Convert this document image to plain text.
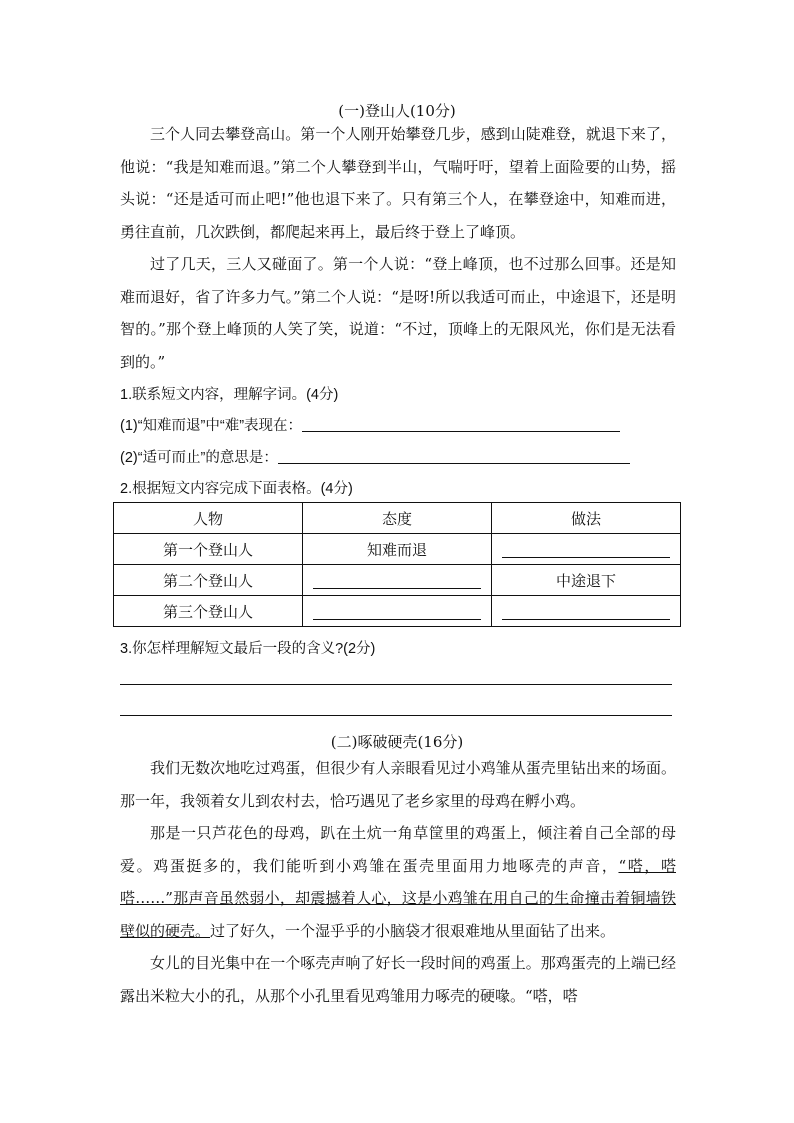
(一)登山人(10分)

三个人同去攀登高山。第一个人刚开始攀登几步，感到山陡难登，就退下来了，他说：“我是知难而退。”第二个人攀登到半山，气喘吁吁，望着上面险要的山势，摇头说：“还是适可而止吧!”他也退下来了。只有第三个人，在攀登途中，知难而进，勇往直前，几次跌倒，都爬起来再上，最后终于登上了峰顶。

过了几天，三人又碰面了。第一个人说：“登上峰顶，也不过那么回事。还是知难而退好，省了许多力气。”第二个人说：“是呀!所以我适可而止，中途退下，还是明智的。”那个登上峰顶的人笑了笑，说道：“不过，顶峰上的无限风光，你们是无法看到的。”

1.联系短文内容，理解字词。(4分)
(1)“知难而退”中“难”表现在：
(2)“适可而止”的意思是：
2.根据短文内容完成下面表格。(4分)
人物	态度	做法
第一个登山人	知难而退	
第二个登山人		中途退下
第三个登山人		
3.你怎样理解短文最后一段的含义?(2分)
(二)啄破硬壳(16分)

我们无数次地吃过鸡蛋，但很少有人亲眼看见过小鸡雏从蛋壳里钻出来的场面。那一年，我领着女儿到农村去，恰巧遇见了老乡家里的母鸡在孵小鸡。

那是一只芦花色的母鸡，趴在土炕一角草筐里的鸡蛋上，倾注着自己全部的母爱。鸡蛋挺多的，我们能听到小鸡雏在蛋壳里面用力地啄壳的声音，“嗒，嗒嗒……”那声音虽然弱小，却震撼着人心，这是小鸡雏在用自己的生命撞击着铜墙铁壁似的硬壳。过了好久，一个湿乎乎的小脑袋才很艰难地从里面钻了出来。

女儿的目光集中在一个啄壳声响了好长一段时间的鸡蛋上。那鸡蛋壳的上端已经露出米粒大小的孔，从那个小孔里看见鸡雏用力啄壳的硬喙。“嗒，嗒
